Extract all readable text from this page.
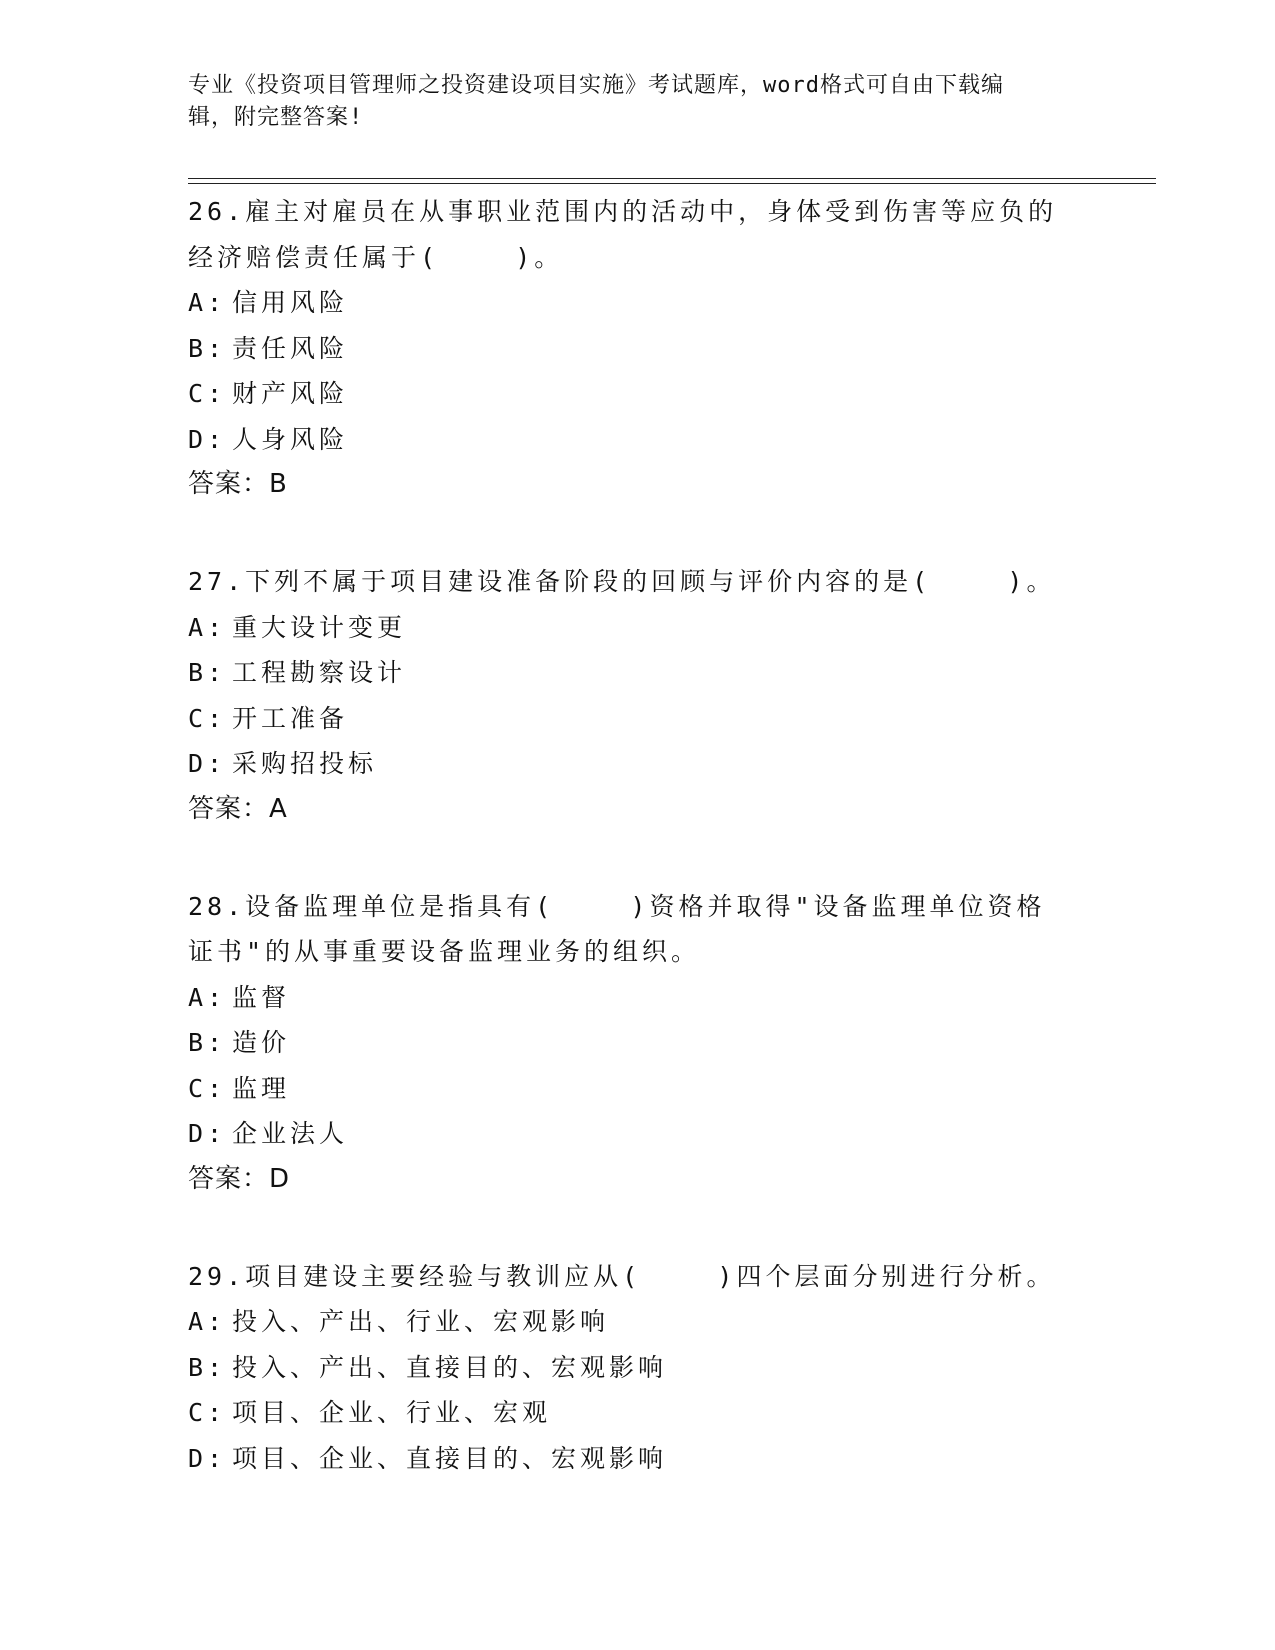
专业《投资项目管理师之投资建设项目实施》考试题库，word格式可自由下载编
辑，附完整答案!
26.雇主对雇员在从事职业范围内的活动中，身体受到伤害等应负的经济赔偿责任属于(    )。
A: 信用风险
B: 责任风险
C: 财产风险
D: 人身风险
答案：B
27.下列不属于项目建设准备阶段的回顾与评价内容的是(    )。
A: 重大设计变更
B: 工程勘察设计
C: 开工准备
D: 采购招投标
答案：A
28.设备监理单位是指具有(    )资格并取得"设备监理单位资格证书"的从事重要设备监理业务的组织。
A: 监督
B: 造价
C: 监理
D: 企业法人
答案：D
29.项目建设主要经验与教训应从(    )四个层面分别进行分析。
A: 投入、产出、行业、宏观影响
B: 投入、产出、直接目的、宏观影响
C: 项目、企业、行业、宏观
D: 项目、企业、直接目的、宏观影响
